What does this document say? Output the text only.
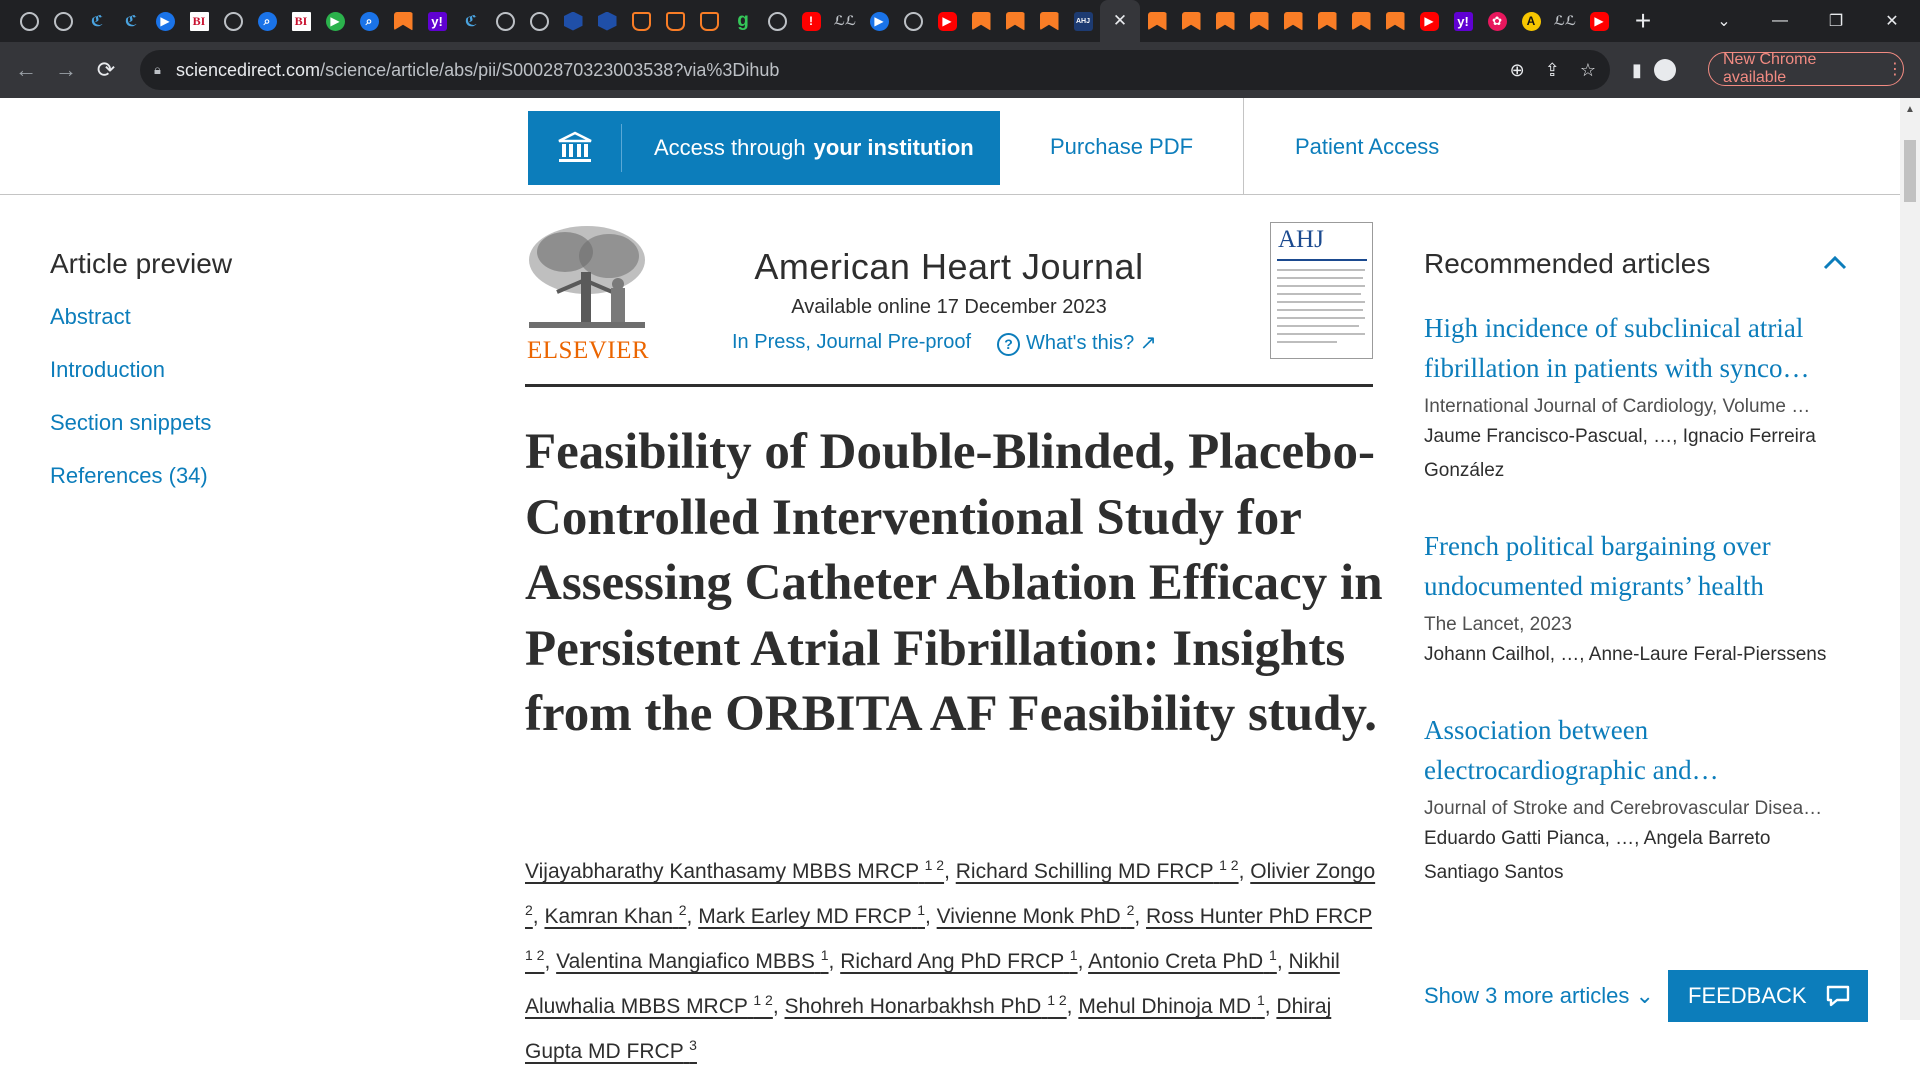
ℭ ℭ	▶	BI	⌕	BI	▶	⌕	y! ℭ	g	!	ℒℒ	▶	▶	AHJ ✕	▶	y!	✿	A	ℒℒ	▶ +	⌄	—	❐	✕
← → ⟳	🔒︎ sciencedirect.com/science/article/abs/pii/S0002870323003538?via%3Dihub	⊕ ⇪ ☆ ▮	New Chrome available	⋮
Access through your institution	Purchase PDF	Patient Access
Article preview
Abstract
Introduction
Section snippets
References (34)
ELSEVIER
American Heart Journal
Available online 17 December 2023
In Press, Journal Pre-proof	? What's this? ↗
AHJ
Feasibility of Double-Blinded, Placebo-Controlled Interventional Study for Assessing Catheter Ablation Efficacy in Persistent Atrial Fibrillation: Insights from the ORBITA AF Feasibility study.
Vijayabharathy Kanthasamy MBBS MRCP $^{1 2}$, Richard Schilling MD FRCP $^{1 2}$, Olivier Zongo $^2$, Kamran Khan $^2$, Mark Earley MD FRCP $^1$, Vivienne Monk PhD $^2$, Ross Hunter PhD FRCP $^{1 2}$, Valentina Mangiafico MBBS $^1$, Richard Ang PhD FRCP $^1$, Antonio Creta PhD $^1$, Nikhil Aluwhalia MBBS MRCP $^{1 2}$, Shohreh Honarbakhsh PhD $^{1 2}$, Mehul Dhinoja MD $^1$, Dhiraj Gupta MD FRCP $^3$
Recommended articles
High incidence of subclinical atrial fibrillation in patients with synco…
International Journal of Cardiology, Volume …
Jaume Francisco-Pascual, …, Ignacio Ferreira González
French political bargaining over undocumented migrants’ health
The Lancet, 2023
Johann Cailhol, …, Anne-Laure Feral-Pierssens
Association between electrocardiographic and…
Journal of Stroke and Cerebrovascular Disea…
Eduardo Gatti Pianca, …, Angela Barreto Santiago Santos
Show 3 more articles ⌄ FEEDBACK
▲
